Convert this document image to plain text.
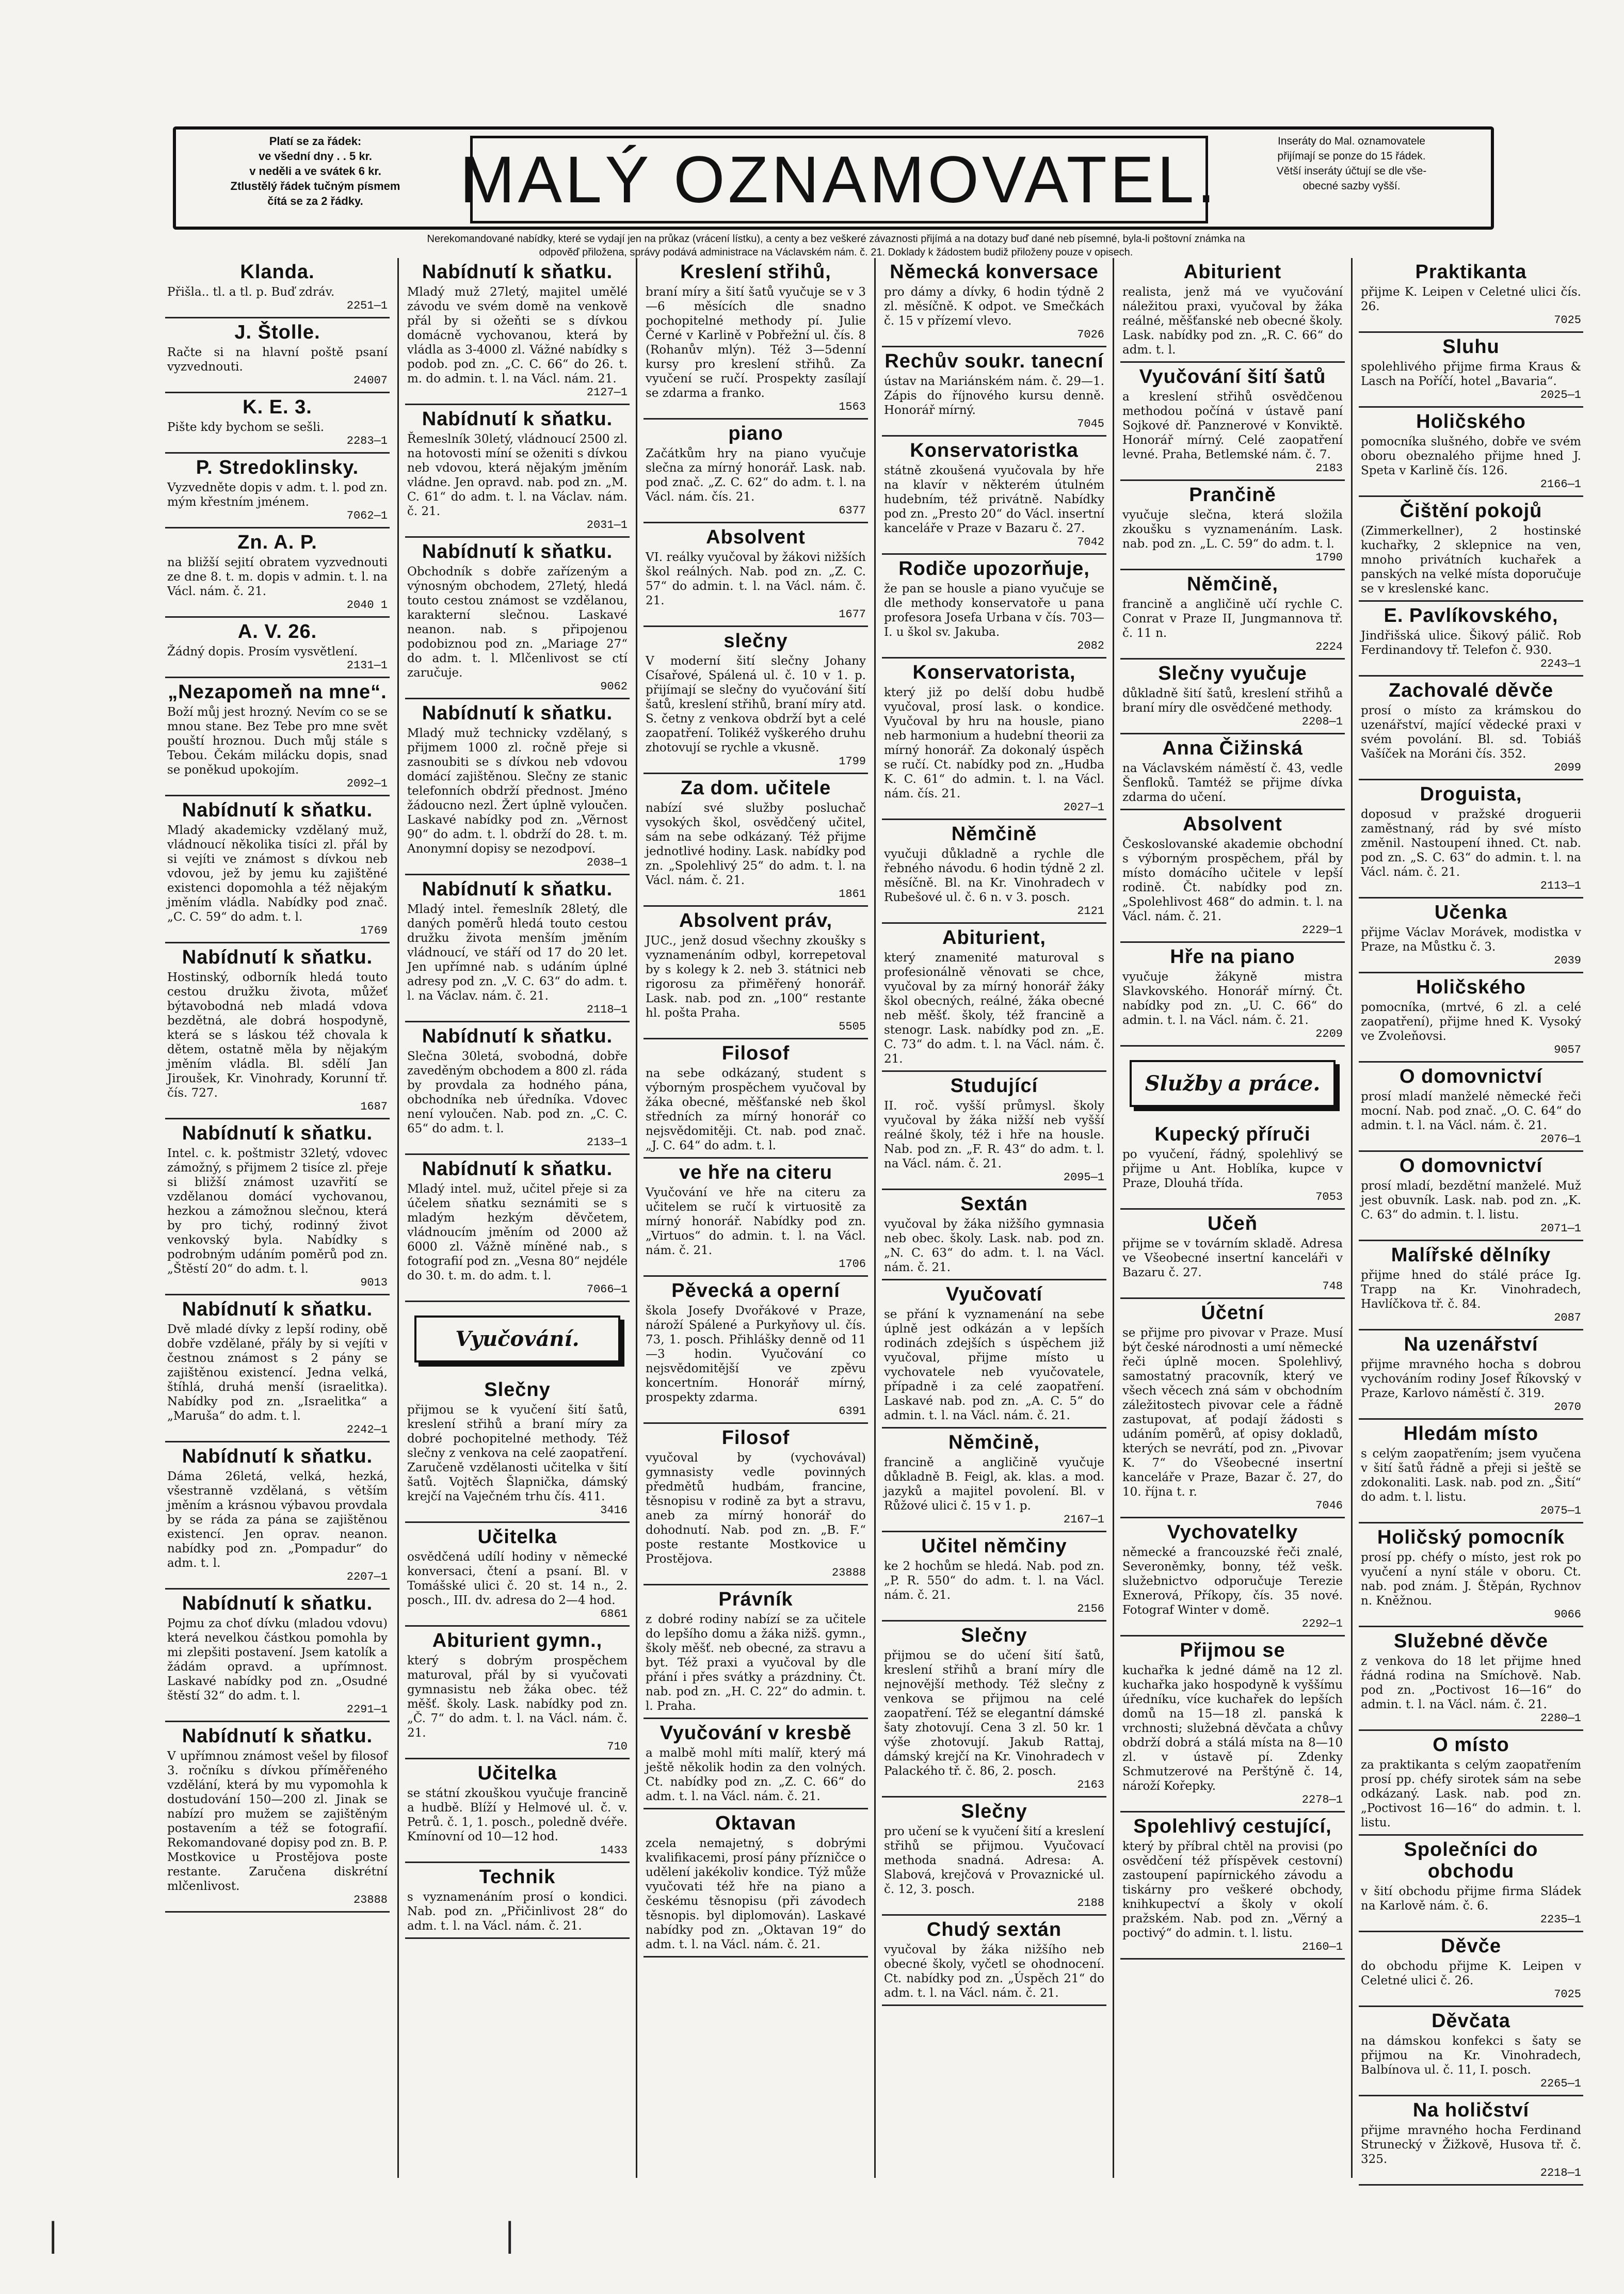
Platí se za řádek:
ve všední dny . . 5 kr.
v neděli a ve svátek 6 kr.
Ztlustělý řádek tučným písmem
čítá se za 2 řádky.	MALÝ OZNAMOVATEL.
Inseráty do Mal. oznamovatele
přijímají se ponze do 15 řádek.
Větší inseráty účtují se dle vše-
obecné sazby vyšší.
Nerekomandované nabídky, které se vydají jen na průkaz (vrácení lístku), a centy a bez veškeré závaznosti přijímá a na dotazy buď dané neb písemné, byla-li poštovní známka na
odpověď přiložena, správy podává administrace na Václavském nám. č. 21. Doklady k žádostem budiž přiloženy pouze v opisech.
Klanda.

Přišla.. tl. a tl. p. Buď zdráv.

2251—1
J. Štolle.

Račte si na hlavní poště psaní vyzvednouti.

24007
K. E. 3.

Pište kdy bychom se sešli.

2283—1
P. Stredoklinsky.

Vyzvedněte dopis v adm. t. l. pod zn. mým křestním jménem.

7062—1
Zn. A. P.

na bližší sejití obratem vyzvednouti ze dne 8. t. m. dopis v admin. t. l. na Václ. nám. č. 21.

2040 1
A. V. 26.

Žádný dopis. Prosím vysvětlení.

2131—1
„Nezapomeň na mne“.

Boží můj jest hrozný. Nevím co se se mnou stane. Bez Tebe pro mne svět pouští hroznou. Duch můj stále s Tebou. Čekám milácku dopis, snad se poněkud upokojím.

2092—1
Nabídnutí k sňatku.

Mladý akademicky vzdělaný muž, vládnoucí několika tisíci zl. přál by si vejíti ve známost s dívkou neb vdovou, jež by jemu ku zajištěné existenci dopomohla a též nějakým jměním vládla. Nabídky pod znač. „C. C. 59“ do adm. t. l.

1769
Nabídnutí k sňatku.

Hostinský, odborník hledá touto cestou družku života, můžeť býtavobodná neb mladá vdova bezdětná, ale dobrá hospodyně, která se s láskou též chovala k dětem, ostatně měla by nějakým jměním vládla. Bl. sdělí Jan Jiroušek, Kr. Vinohrady, Korunní tř. čís. 727.

1687
Nabídnutí k sňatku.

Intel. c. k. poštmistr 32letý, vdovec zámožný, s přijmem 2 tisíce zl. přeje si bližší známost uzavřití se vzdělanou domácí vychovanou, hezkou a zámožnou slečnou, která by pro tichý, rodinný život venkovský byla. Nabídky s podrobným udáním poměrů pod zn. „Štěstí 20“ do adm. t. l.

9013
Nabídnutí k sňatku.

Dvě mladé dívky z lepší rodiny, obě dobře vzdělané, přály by si vejíti v čestnou známost s 2 pány se zajištěnou existencí. Jedna velká, štíhlá, druhá menší (israelitka). Nabídky pod zn. „Israelitka“ a „Maruša“ do adm. t. l.

2242—1
Nabídnutí k sňatku.

Dáma 26letá, velká, hezká, všestranně vzdělaná, s větším jměním a krásnou výbavou provdala by se ráda za pána se zajištěnou existencí. Jen oprav. neanon. nabídky pod zn. „Pompadur“ do adm. t. l.

2207—1
Nabídnutí k sňatku.

Pojmu za choť dívku (mladou vdovu) která nevelkou částkou pomohla by mi zlepšiti postavení. Jsem katolík a žádám opravd. a upřímnost. Laskavé nabídky pod zn. „Osudné štěstí 32“ do adm. t. l.

2291—1
Nabídnutí k sňatku.

V upřímnou známost vešel by filosof 3. ročníku s dívkou příměřeného vzdělání, která by mu vypomohla k dostudování 150—200 zl. Jinak se nabízí pro mužem se zajištěným postavením a též se fotografií. Rekomandované dopisy pod zn. B. P. Mostkovice u Prostějova poste restante. Zaručena diskrétní mlčenlivost.

23888
Nabídnutí k sňatku.

Mladý muž 27letý, majitel umělé závodu ve svém domě na venkově přál by si ožeňti se s dívkou domácně vychovanou, která by vládla as 3-4000 zl. Vážné nabídky s podob. pod zn. „C. C. 66“ do 26. t. m. do admin. t. l. na Václ. nám. 21.

2127—1
Nabídnutí k sňatku.

Řemeslník 30letý, vládnoucí 2500 zl. na hotovosti míní se oženiti s dívkou neb vdovou, která nějakým jměním vládne. Jen opravd. nab. pod zn. „M. C. 61“ do adm. t. l. na Václav. nám. č. 21.

2031—1
Nabídnutí k sňatku.

Obchodník s dobře zařízeným a výnosným obchodem, 27letý, hledá touto cestou známost se vzdělanou, karakterní slečnou. Laskavé neanon. nab. s připojenou podobiznou pod zn. „Mariage 27“ do adm. t. l. Mlčenlivost se ctí zaručuje.

9062
Nabídnutí k sňatku.

Mladý muž technicky vzdělaný, s přijmem 1000 zl. ročně přeje si zasnoubiti se s dívkou neb vdovou domácí zajištěnou. Slečny ze stanic telefonních obdrží přednost. Jméno žádoucno nezl. Žert úplně vyloučen. Laskavé nabídky pod zn. „Věrnost 90“ do adm. t. l. obdrží do 28. t. m. Anonymní dopisy se nezodpoví.

2038—1
Nabídnutí k sňatku.

Mladý intel. řemeslník 28letý, dle daných poměrů hledá touto cestou družku života menším jměním vládnoucí, ve stáří od 17 do 20 let. Jen upřímné nab. s udáním úplné adresy pod zn. „V. C. 63“ do adm. t. l. na Václav. nám. č. 21.

2118—1
Nabídnutí k sňatku.

Slečna 30letá, svobodná, dobře zaveděným obchodem a 800 zl. ráda by provdala za hodného pána, obchodníka neb úředníka. Vdovec není vyloučen. Nab. pod zn. „C. C. 65“ do adm. t. l.

2133—1
Nabídnutí k sňatku.

Mladý intel. muž, učitel přeje si za účelem sňatku seznámiti se s mladým hezkým děvčetem, vládnoucím jměním od 2000 až 6000 zl. Vážně míněné nab., s fotografií pod zn. „Vesna 80“ nejdéle do 30. t. m. do adm. t. l.

7066—1
Vyučování.
Slečny

přijmou se k vyučení šití šatů, kreslení střihů a braní míry za dobré pochopitelné methody. Též slečny z venkova na celé zaopatření. Zaručeně vzdělanosti učitelka v šití šatů. Vojtěch Šlapnička, dámský krejčí na Vaječném trhu čís. 411.

3416
Učitelka

osvědčená udílí hodiny v německé konversaci, čtení a psaní. Bl. v Tomášské ulici č. 20 st. 14 n., 2. posch., III. dv. adresa do 2—4 hod.

6861
Abiturient gymn.,

který s dobrým prospěchem maturoval, přál by si vyučovati gymnasistu neb žáka obec. též měšť. školy. Lask. nabídky pod zn. „Č. 7“ do adm. t. l. na Václ. nám. č. 21.

710
Učitelka

se státní zkouškou vyučuje francině a hudbě. Blíží y Helmové ul. č. v. Petrů. č. 1, 1. posch., poledně dvéře. Kmínovní od 10—12 hod.

1433
Technik

s vyznamenáním prosí o kondici. Nab. pod zn. „Přičinlivost 28“ do adm. t. l. na Václ. nám. č. 21.

Kreslení střihů,

braní míry a šití šatů vyučuje se v 3—6 měsících dle snadno pochopitelné methody pí. Julie Černé v Karlině v Pobřežní ul. čís. 8 (Rohanův mlýn). Též 3—5denní kursy pro kreslení střihů. Za vyučení se ručí. Prospekty zasílají se zdarma a franko.

1563
piano

Začátkům hry na piano vyučuje slečna za mírný honorář. Lask. nab. pod znač. „Z. C. 62“ do adm. t. l. na Václ. nám. čís. 21.

6377
Absolvent

VI. reálky vyučoval by žákovi nižších škol reálných. Nab. pod zn. „Z. C. 57“ do admin. t. l. na Václ. nám. č. 21.

1677
slečny

V moderní šití slečny Johany Císařové, Spálená ul. č. 10 v 1. p. přijímají se slečny do vyučování šití šatů, kreslení střihů, braní míry atd. S. četny z venkova obdrží byt a celé zaopatření. Tolikéž vyškerého druhu zhotovují se rychle a vkusně.

1799
Za dom. učitele

nabízí své služby posluchač vysokých škol, osvědčený učitel, sám na sebe odkázaný. Též přijme jednotlivé hodiny. Lask. nabídky pod zn. „Spolehlivý 25“ do adm. t. l. na Václ. nám. č. 21.

1861
Absolvent práv,

JUC., jenž dosud všechny zkoušky s vyznamenáním odbyl, korrepetoval by s kolegy k 2. neb 3. státnici neb rigorosu za přiměřený honorář. Lask. nab. pod zn. „100“ restante hl. pošta Praha.

5505
Filosof

na sebe odkázaný, student s výborným prospěchem vyučoval by žáka obecné, měšťanské neb škol středních za mírný honorář co nejsvědomitěji. Ct. nab. pod znač. „J. C. 64“ do adm. t. l.

ve hře na citeru

Vyučování ve hře na citeru za učitelem se ručí k virtuositě za mírný honorář. Nabídky pod zn. „Virtuos“ do admin. t. l. na Václ. nám. č. 21.

1706
Pěvecká a operní

škola Josefy Dvořákové v Praze, nároží Spálené a Purkyňovy ul. čís. 73, 1. posch. Přihlášky denně od 11—3 hodin. Vyučování co nejsvědomitější ve zpěvu koncertním. Honorář mírný, prospekty zdarma.

6391
Filosof

vyučoval by (vychovával) gymnasisty vedle povinných předmětů hudbám, francine, těsnopisu v rodině za byt a stravu, aneb za mírný honorář do dohodnutí. Nab. pod zn. „B. F.“ poste restante Mostkovice u Prostějova.

23888
Právník

z dobré rodiny nabízí se za učitele do lepšího domu a žáka nižš. gymn., školy měšť. neb obecné, za stravu a byt. Též praxi a vyučoval by dle přání i přes svátky a prázdniny. Čt. nab. pod zn. „H. C. 22“ do admin. t. l. Praha.

Vyučování v kresbě

a malbě mohl míti malíř, který má ještě několik hodin za den volných. Ct. nabídky pod zn. „Z. C. 66“ do adm. t. l. na Václ. nám. č. 21.

Oktavan

zcela nemajetný, s dobrými kvalifikacemi, prosí pány přízničce o udělení jakékoliv kondice. Týž může vyučovati též hře na piano a českému těsnopisu (při závodech těsnopis. byl diplomován). Laskavé nabídky pod zn. „Oktavan 19“ do adm. t. l. na Václ. nám. č. 21.

Německá konversace

pro dámy a dívky, 6 hodin týdně 2 zl. měsíčně. K odpot. ve Smečkách č. 15 v přízemí vlevo.

7026
Rechův soukr. tanecní

ústav na Mariánském nám. č. 29—1. Zápis do říjnového kursu denně. Honorář mírný.

7045
Konservatoristka

státně zkoušená vyučovala by hře na klavír v některém útulném hudebním, též privátně. Nabídky pod zn. „Presto 20“ do Václ. insertní kanceláře v Praze v Bazaru č. 27.

7042
Rodiče upozorňuje,

že pan se housle a piano vyučuje se dle methody konservatoře u pana profesora Josefa Urbana v čís. 703—I. u škol sv. Jakuba.

2082
Konservatorista,

který již po delší dobu hudbě vyučoval, prosí lask. o kondice. Vyučoval by hru na housle, piano neb harmonium a hudební theorii za mírný honorář. Za dokonalý úspěch se ručí. Ct. nabídky pod zn. „Hudba K. C. 61“ do admin. t. l. na Václ. nám. čís. 21.

2027—1
Němčině

vyučuji důkladně a rychle dle řebného návodu. 6 hodin týdně 2 zl. měsíčně. Bl. na Kr. Vinohradech v Rubešové ul. č. 6 n. v 3. posch.

2121
Abiturient,

který znamenité maturoval s profesionálně věnovati se chce, vyučoval by za mírný honorář žáky škol obecných, reálné, žáka obecné neb měšť. školy, též francině a stenogr. Lask. nabídky pod zn. „E. C. 73“ do adm. t. l. na Václ. nám. č. 21.

Studující

II. roč. vyšší průmysl. školy vyučoval by žáka nižší neb vyšší reálné školy, též i hře na housle. Nab. pod zn. „F. R. 43“ do adm. t. l. na Václ. nám. č. 21.

2095—1
Sextán

vyučoval by žáka nižšího gymnasia neb obec. školy. Lask. nab. pod zn. „N. C. 63“ do adm. t. l. na Václ. nám. č. 21.

Vyučovatí

se přání k vyznamenání na sebe úplně jest odkázán a v lepších rodinách zdejších s úspěchem již vyučoval, přijme místo u vychovatele neb vyučovatele, případně i za celé zaopatření. Laskavé nab. pod zn. „A. C. 5“ do admin. t. l. na Václ. nám. č. 21.

Němčině,

francině a angličině vyučuje důkladně B. Feigl, ak. klas. a mod. jazyků a majitel povolení. Bl. v Růžové ulici č. 15 v 1. p.

2167—1
Učitel němčiny

ke 2 hochům se hledá. Nab. pod zn. „P. R. 550“ do adm. t. l. na Václ. nám. č. 21.

2156
Slečny

přijmou se do učení šití šatů, kreslení střihů a braní míry dle nejnovější methody. Též slečny z venkova se přijmou na celé zaopatření. Též se elegantní dámské šaty zhotovují. Cena 3 zl. 50 kr. 1 výše zhotovují. Jakub Rattaj, dámský krejčí na Kr. Vinohradech v Palackého tř. č. 86, 2. posch.

2163
Slečny

pro učení se k vyučení šití a kreslení střihů se přijmou. Vyučovací methoda snadná. Adresa: A. Slabová, krejčová v Provaznické ul. č. 12, 3. posch.

2188
Chudý sextán

vyučoval by žáka nižšího neb obecné školy, vyčetl se ohodnocení. Ct. nabídky pod zn. „Úspěch 21“ do adm. t. l. na Václ. nám. č. 21.

Abiturient

realista, jenž má ve vyučování náležitou praxi, vyučoval by žáka reálné, měšťanské neb obecné školy. Lask. nabídky pod zn. „R. C. 66“ do adm. t. l.

Vyučování šití šatů

a kreslení střihů osvědčenou methodou počíná v ústavě paní Sojkové dř. Panznerové v Konviktě. Honorář mírný. Celé zaopatření levné. Praha, Betlemské nám. č. 7.

2183
Prančině

vyučuje slečna, která složila zkoušku s vyznamenáním. Lask. nab. pod zn. „L. C. 59“ do adm. t. l.

1790
Němčině,

francině a angličině učí rychle C. Conrat v Praze II, Jungmannova tř. č. 11 n.

2224
Slečny vyučuje

důkladně šití šatů, kreslení střihů a braní míry dle osvědčené methody.

2208—1
Anna Čižinská

na Václavském náměstí č. 43, vedle Šenfloků. Tamtéž se přijme dívka zdarma do učení.

Absolvent

Českoslovanské akademie obchodní s výborným prospěchem, přál by místo domácího učitele v lepší rodině. Čt. nabídky pod zn. „Spolehlivost 468“ do admin. t. l. na Václ. nám. č. 21.

2229—1
Hře na piano

vyučuje žákyně mistra Slavkovského. Honorář mírný. Čt. nabídky pod zn. „U. C. 66“ do admin. t. l. na Václ. nám. č. 21.

2209
Služby a práce.
Kupecký příruči

po vyučení, řádný, spolehlivý se přijme u Ant. Hoblíka, kupce v Praze, Dlouhá třída.

7053
Učeň

přijme se v továrním skladě. Adresa ve Všeobecné insertní kanceláři v Bazaru č. 27.

748
Účetní

se přijme pro pivovar v Praze. Musí být české národnosti a umí německé řeči úplně mocen. Spolehlivý, samostatný pracovník, který ve všech věcech zná sám v obchodním záležitostech pivovar cele a řádně zastupovat, ať podají žádosti s udáním poměrů, ať opisy dokladů, kterých se nevrátí, pod zn. „Pivovar K. 7“ do Všeobecné insertní kanceláře v Praze, Bazar č. 27, do 10. října t. r.

7046
Vychovatelky

německé a francouzské řeči znalé, Severoněmky, bonny, též vešk. služebnictvo odporučuje Terezie Exnerová, Příkopy, čís. 35 nové. Fotograf Winter v domě.

2292—1
Přijmou se

kuchařka k jedné dámě na 12 zl. kuchařka jako hospodyně k vyššímu úředníku, více kuchařek do lepších domů na 15—18 zl. panská k vrchnosti; služebná děvčata a chůvy obdrží dobrá a stálá místa na 8—10 zl. v ústavě pí. Zdenky Schmutzerové na Perštýně č. 14, nároží Kořepky.

2278—1
Spolehlivý cestující,

který by příbral chtěl na provisi (po osvědčení též příspěvek cestovní) zastoupení papírnického závodu a tiskárny pro veškeré obchody, knihkupectví a školy v okolí pražském. Nab. pod zn. „Věrný a poctivý“ do admin. t. l. listu.

2160—1
Praktikanta

přijme K. Leipen v Celetné ulici čís. 26.

7025
Sluhu

spolehlivého přijme firma Kraus & Lasch na Poříčí, hotel „Bavaria“.

2025—1
Holičského

pomocníka slušného, dobře ve svém oboru obeznalého přijme hned J. Speta v Karlině čís. 126.

2166—1
Čištění pokojů

(Zimmerkellner), 2 hostinské kuchařky, 2 sklepnice na ven, mnoho privátních kuchařek a panských na velké místa doporučuje se v kreslenské kanc.

E. Pavlíkovského,

Jindřišská ulice. Šikový pálič. Rob Ferdinandovy tř. Telefon č. 930.

2243—1
Zachovalé děvče

prosí o místo za krámskou do uzenářství, mající vědecké praxi v svém povolání. Bl. sd. Tobiáš Vašíček na Moráni čís. 352.

2099
Droguista,

doposud v pražské droguerii zaměstnaný, rád by své místo změnil. Nastoupení ihned. Ct. nab. pod zn. „S. C. 63“ do admin. t. l. na Václ. nám. č. 21.

2113—1
Učenka

přijme Václav Morávek, modistka v Praze, na Můstku č. 3.

2039
Holičského

pomocníka, (mrtvé, 6 zl. a celé zaopatření), přijme hned K. Vysoký ve Zvoleňovsi.

9057
O domovnictví

prosí mladí manželé německé řeči mocní. Nab. pod znač. „O. C. 64“ do admin. t. l. na Václ. nám. č. 21.

2076—1
O domovnictví

prosí mladí, bezdětní manželé. Muž jest obuvník. Lask. nab. pod zn. „K. C. 63“ do admin. t. l. listu.

2071—1
Malířské dělníky

přijme hned do stálé práce Ig. Trapp na Kr. Vinohradech, Havlíčkova tř. č. 84.

2087
Na uzenářství

přijme mravného hocha s dobrou vychováním rodiny Josef Říkovský v Praze, Karlovo náměstí č. 319.

2070
Hledám místo

s celým zaopatřením; jsem vyučena v šití šatů řádně a přeji si ještě se zdokonaliti. Lask. nab. pod zn. „Šití“ do adm. t. l. listu.

2075—1
Holičský pomocník

prosí pp. chéfy o místo, jest rok po vyučení a nyní stále v oboru. Ct. nab. pod znám. J. Štěpán, Rychnov n. Kněžnou.

9066
Služebné děvče

z venkova do 18 let přijme hned řádná rodina na Smíchově. Nab. pod zn. „Poctivost 16—16“ do admin. t. l. na Václ. nám. č. 21.

2280—1
O místo

za praktikanta s celým zaopatřením prosí pp. chéfy sirotek sám na sebe odkázaný. Lask. nab. pod zn. „Poctivost 16—16“ do admin. t. l. listu.

Společníci do obchodu

v šití obchodu přijme firma Sládek na Karlově nám. č. 6.

2235—1
Děvče

do obchodu přijme K. Leipen v Celetné ulici č. 26.

7025
Děvčata

na dámskou konfekci s šaty se přijmou na Kr. Vinohradech, Balbínova ul. č. 11, I. posch.

2265—1
Na holičství

přijme mravného hocha Ferdinand Strunecký v Žižkově, Husova tř. č. 325.

2218—1
|	|
